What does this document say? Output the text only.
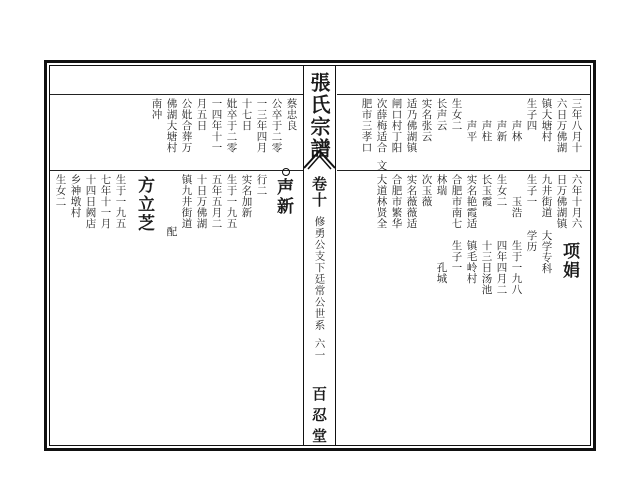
張氏宗譜
卷十
修勇公支下廷常公世系
六一
百忍堂
三年八月十
六日万佛湖
镇大塘村
生子四
声林
声新
声柱
声平
生女二
长声云
实名张云
适乃佛湖镇
闸口村丁阳
次薛梅适合
肥市三孝口
文
六年十月六
日万佛湖镇
项娟
九井街道
大学专科
生子一
学历
玉浩
生于一九八
四年四月二
长玉霞
十三日汤池
生女二
实名艳霞适
镇毛岭村
合肥市南七
生子一
林瑞
孔城
次玉薇
实名薇薇适
合肥市繁华
大道林贤全
蔡忠良
公卒于二零
一三年四月
十七日
妣卒于二零
一四年十一
月五日
公妣合葬万
佛湖大塘村
南冲
声新
行二
实名加新
生于一九五
五年五月二
十日万佛湖
镇九井街道
配
方立芝
生于一九五
七年十一月
十四日阙店
乡神墩村
生女二
